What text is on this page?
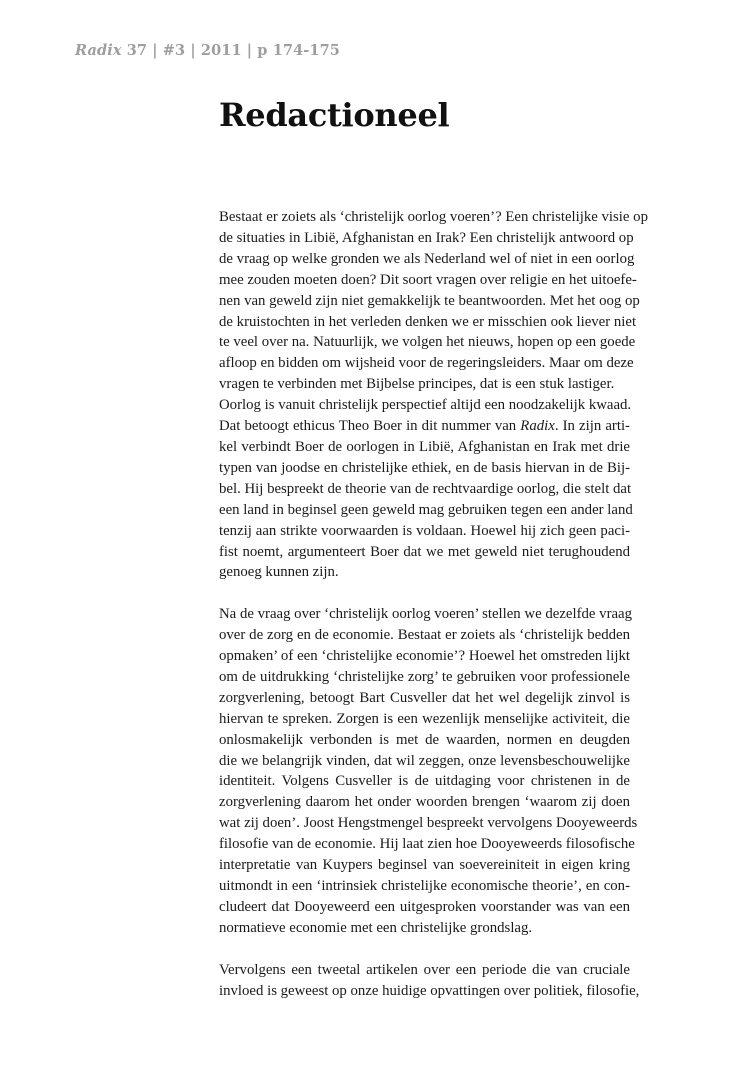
Radix 37 | #3 | 2011 | p 174-175
Redactioneel
Bestaat er zoiets als ‘christelijk oorlog voeren’? Een christelijke visie op
de situaties in Libië, Afghanistan en Irak? Een christelijk antwoord op
de vraag op welke gronden we als Nederland wel of niet in een oorlog
mee zouden moeten doen? Dit soort vragen over religie en het uitoefe-
nen van geweld zijn niet gemakkelijk te beantwoorden. Met het oog op
de kruistochten in het verleden denken we er misschien ook liever niet
te veel over na. Natuurlijk, we volgen het nieuws, hopen op een goede
afloop en bidden om wijsheid voor de regeringsleiders. Maar om deze
vragen te verbinden met Bijbelse principes, dat is een stuk lastiger.
Oorlog is vanuit christelijk perspectief altijd een noodzakelijk kwaad.
Dat betoogt ethicus Theo Boer in dit nummer van Radix. In zijn arti-
kel verbindt Boer de oorlogen in Libië, Afghanistan en Irak met drie
typen van joodse en christelijke ethiek, en de basis hiervan in de Bij-
bel. Hij bespreekt de theorie van de rechtvaardige oorlog, die stelt dat
een land in beginsel geen geweld mag gebruiken tegen een ander land
tenzij aan strikte voorwaarden is voldaan. Hoewel hij zich geen paci-
fist noemt, argumenteert Boer dat we met geweld niet terughoudend
genoeg kunnen zijn.
Na de vraag over ‘christelijk oorlog voeren’ stellen we dezelfde vraag
over de zorg en de economie. Bestaat er zoiets als ‘christelijk bedden
opmaken’ of een ‘christelijke economie’? Hoewel het omstreden lijkt
om de uitdrukking ‘christelijke zorg’ te gebruiken voor professionele
zorgverlening, betoogt Bart Cusveller dat het wel degelijk zinvol is
hiervan te spreken. Zorgen is een wezenlijk menselijke activiteit, die
onlosmakelijk verbonden is met de waarden, normen en deugden
die we belangrijk vinden, dat wil zeggen, onze levensbeschouwelijke
identiteit. Volgens Cusveller is de uitdaging voor christenen in de
zorgverlening daarom het onder woorden brengen ‘waarom zij doen
wat zij doen’. Joost Hengstmengel bespreekt vervolgens Dooyeweerds
filosofie van de economie. Hij laat zien hoe Dooyeweerds filosofische
interpretatie van Kuypers beginsel van soevereiniteit in eigen kring
uitmondt in een ‘intrinsiek christelijke economische theorie’, en con-
cludeert dat Dooyeweerd een uitgesproken voorstander was van een
normatieve economie met een christelijke grondslag.
Vervolgens een tweetal artikelen over een periode die van cruciale
invloed is geweest op onze huidige opvattingen over politiek, filosofie,
